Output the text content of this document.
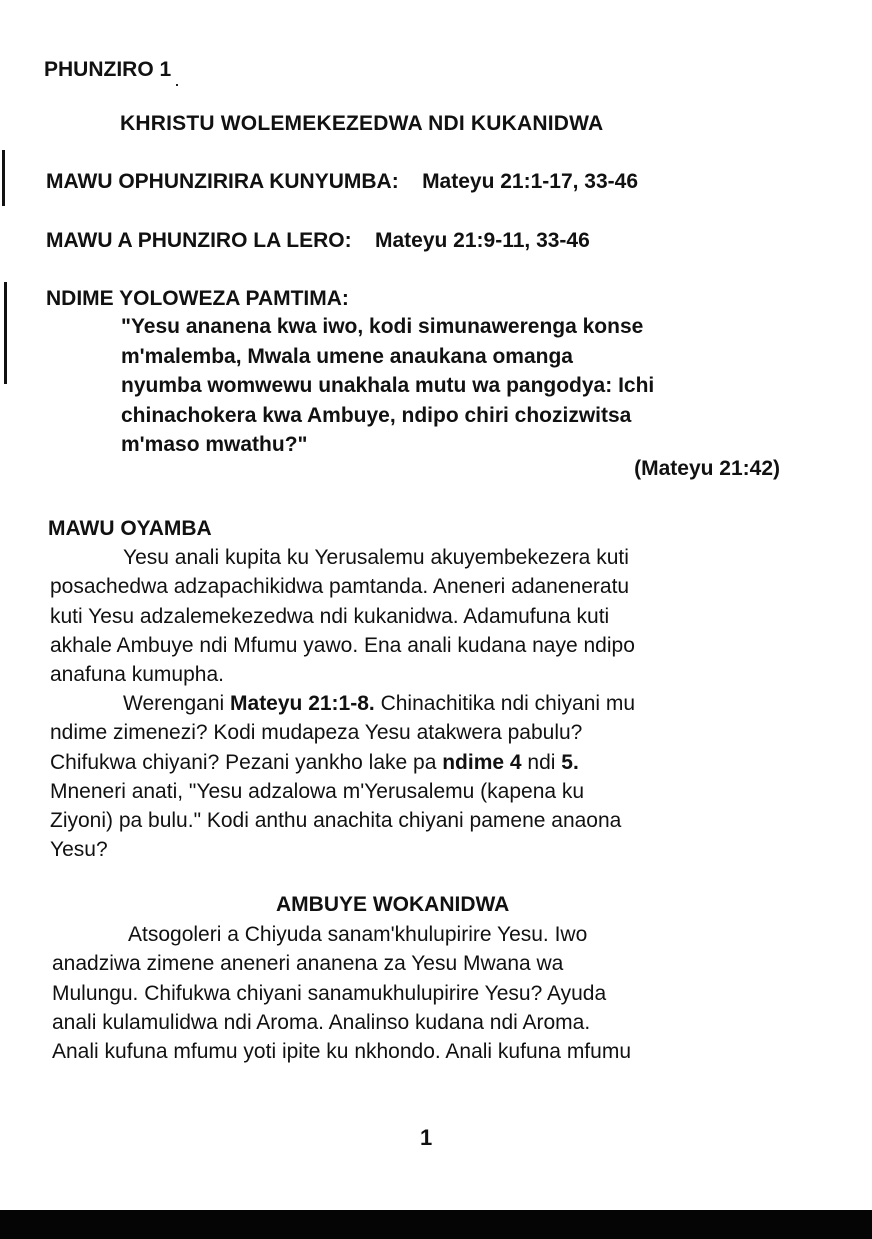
PHUNZIRO 1
KHRISTU WOLEMEKEZEDWA NDI KUKANIDWA
MAWU OPHUNZIRIRA KUNYUMBA: Mateyu 21:1-17, 33-46
MAWU A PHUNZIRO LA LERO: Mateyu 21:9-11, 33-46
NDIME YOLOWEZA PAMTIMA:
"Yesu ananena kwa iwo, kodi simunawerenga konse
m'malemba, Mwala umene anaukana omanga
nyumba womwewu unakhala mutu wa pangodya: Ichi
chinachokera kwa Ambuye, ndipo chiri chozizwitsa
m'maso mwathu?"
(Mateyu 21:42)
MAWU OYAMBA
Yesu anali kupita ku Yerusalemu akuyembekezera kuti
posachedwa adzapachikidwa pamtanda. Aneneri adaneneratu
kuti Yesu adzalemekezedwa ndi kukanidwa. Adamufuna kuti
akhale Ambuye ndi Mfumu yawo. Ena anali kudana naye ndipo
anafuna kumupha.
Werengani Mateyu 21:1-8. Chinachitika ndi chiyani mu
ndime zimenezi? Kodi mudapeza Yesu atakwera pabulu?
Chifukwa chiyani? Pezani yankho lake pa ndime 4 ndi 5.
Mneneri anati, "Yesu adzalowa m'Yerusalemu (kapena ku
Ziyoni) pa bulu." Kodi anthu anachita chiyani pamene anaona
Yesu?
AMBUYE WOKANIDWA
Atsogoleri a Chiyuda sanam'khulupirire Yesu. Iwo
anadziwa zimene aneneri ananena za Yesu Mwana wa
Mulungu. Chifukwa chiyani sanamukhulupirire Yesu? Ayuda
anali kulamulidwa ndi Aroma. Analinso kudana ndi Aroma.
Anali kufuna mfumu yoti ipite ku nkhondo. Anali kufuna mfumu
1
